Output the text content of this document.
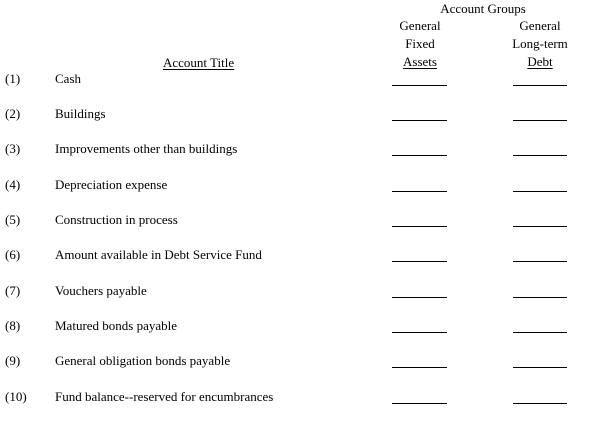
Account Groups
General
Fixed
Assets
General
Long-term
Debt
Account Title
(1)	Cash
(2)	Buildings
(3)	Improvements other than buildings
(4)	Depreciation expense
(5)	Construction in process
(6)	Amount available in Debt Service Fund
(7)	Vouchers payable
(8)	Matured bonds payable
(9)	General obligation bonds payable
(10) Fund balance--reserved for encumbrances
